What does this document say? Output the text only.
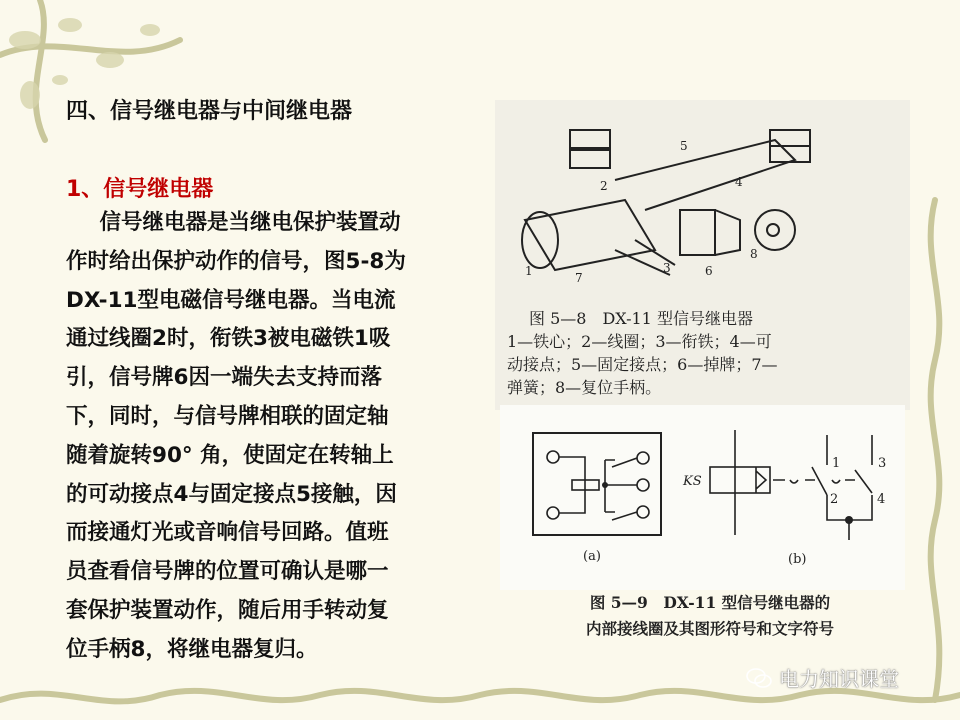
四、信号继电器与中间继电器
1、信号继电器
　信号继电器是当继电保护装置动
作时给出保护动作的信号，图5-8为
DX-11型电磁信号继电器。当电流
通过线圈2时，衔铁3被电磁铁1吸
引，信号牌6因一端失去支持而落
下，同时，与信号牌相联的固定轴
随着旋转90° 角，使固定在转轴上
的可动接点4与固定接点5接触，因
而接通灯光或音响信号回路。值班
员查看信号牌的位置可确认是哪一
套保护装置动作，随后用手转动复
位手柄8，将继电器复归。
1
2
3
4
5
6
7
8
图 5—8　DX-11 型信号继电器
1—铁心；2—线圈；3—衔铁；4—可
动接点；5—固定接点；6—掉牌；7—
弹簧；8—复位手柄。
KS
1
2
3
4
(a)	(b)
图 5—9　DX-11 型信号继电器的
内部接线圈及其图形符号和文字符号
电力知识课堂
